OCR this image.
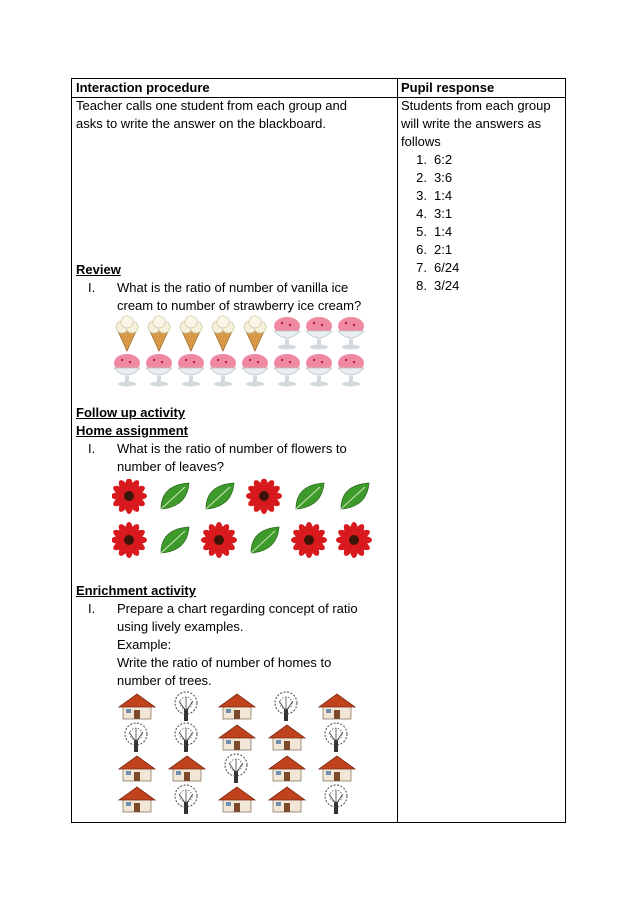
Interaction procedure	Pupil response
Teacher calls one student from each group and
asks to write the answer on the blackboard.
Review
I. What is the ratio of number of vanilla ice
cream to number of strawberry ice cream?
Follow up activity
Home assignment
I. What is the ratio of number of flowers to
number of leaves?
Enrichment activity
I. Prepare a chart regarding concept of ratio
using lively examples.
Example:
Write the ratio of number of homes to
number of trees.
Students from each group
will write the answers as
follows
1. 6:2
2. 3:6
3. 1:4
4. 3:1
5. 1:4
6. 2:1
7. 6/24
8. 3/24
